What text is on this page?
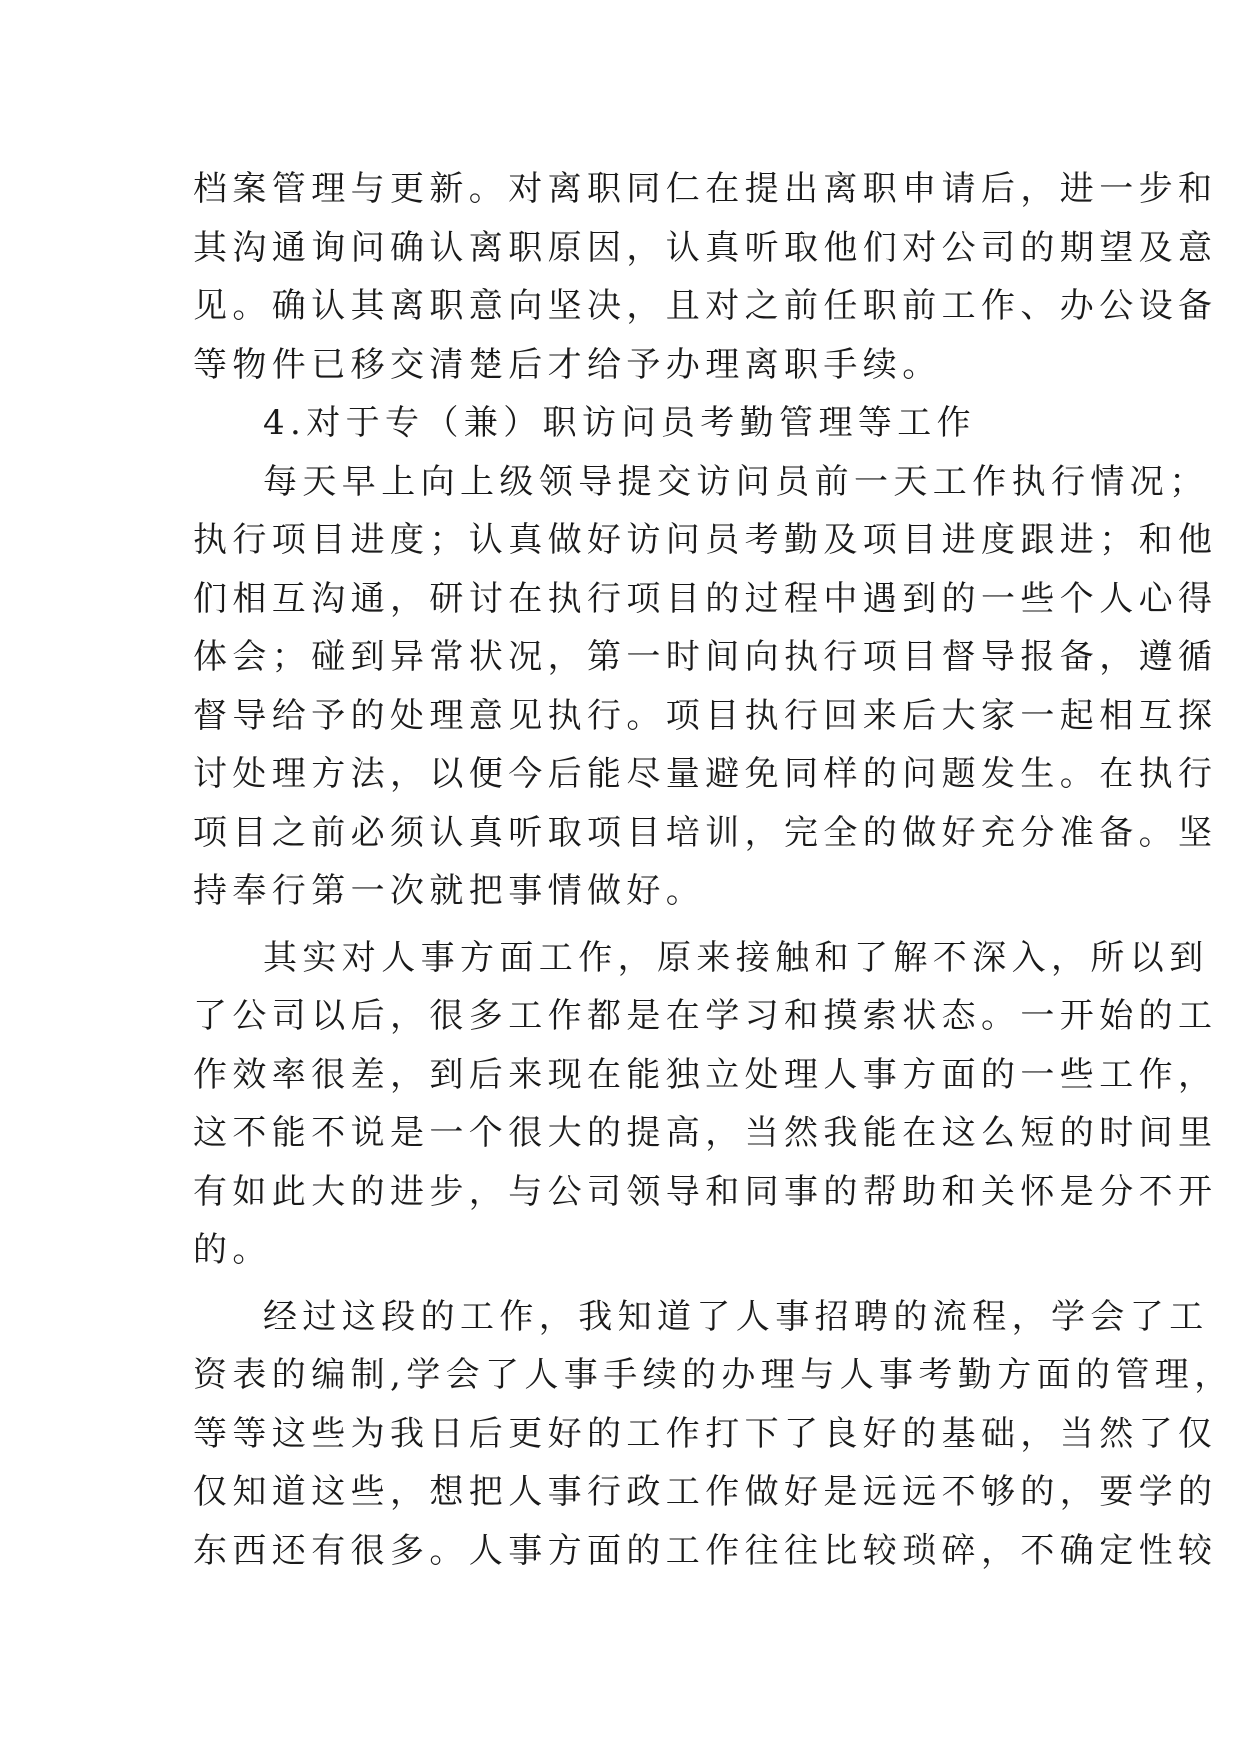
档案管理与更新。对离职同仁在提出离职申请后，进一步和
其沟通询问确认离职原因，认真听取他们对公司的期望及意
见。确认其离职意向坚决，且对之前任职前工作、办公设备
等物件已移交清楚后才给予办理离职手续。
4.对于专（兼）职访问员考勤管理等工作
每天早上向上级领导提交访问员前一天工作执行情况；
执行项目进度；认真做好访问员考勤及项目进度跟进；和他
们相互沟通，研讨在执行项目的过程中遇到的一些个人心得
体会；碰到异常状况，第一时间向执行项目督导报备，遵循
督导给予的处理意见执行。项目执行回来后大家一起相互探
讨处理方法，以便今后能尽量避免同样的问题发生。在执行
项目之前必须认真听取项目培训，完全的做好充分准备。坚
持奉行第一次就把事情做好。
其实对人事方面工作，原来接触和了解不深入，所以到
了公司以后，很多工作都是在学习和摸索状态。一开始的工
作效率很差，到后来现在能独立处理人事方面的一些工作，
这不能不说是一个很大的提高，当然我能在这么短的时间里
有如此大的进步，与公司领导和同事的帮助和关怀是分不开
的。
经过这段的工作，我知道了人事招聘的流程，学会了工
资表的编制,学会了人事手续的办理与人事考勤方面的管理，
等等这些为我日后更好的工作打下了良好的基础，当然了仅
仅知道这些，想把人事行政工作做好是远远不够的，要学的
东西还有很多。人事方面的工作往往比较琐碎，不确定性较
